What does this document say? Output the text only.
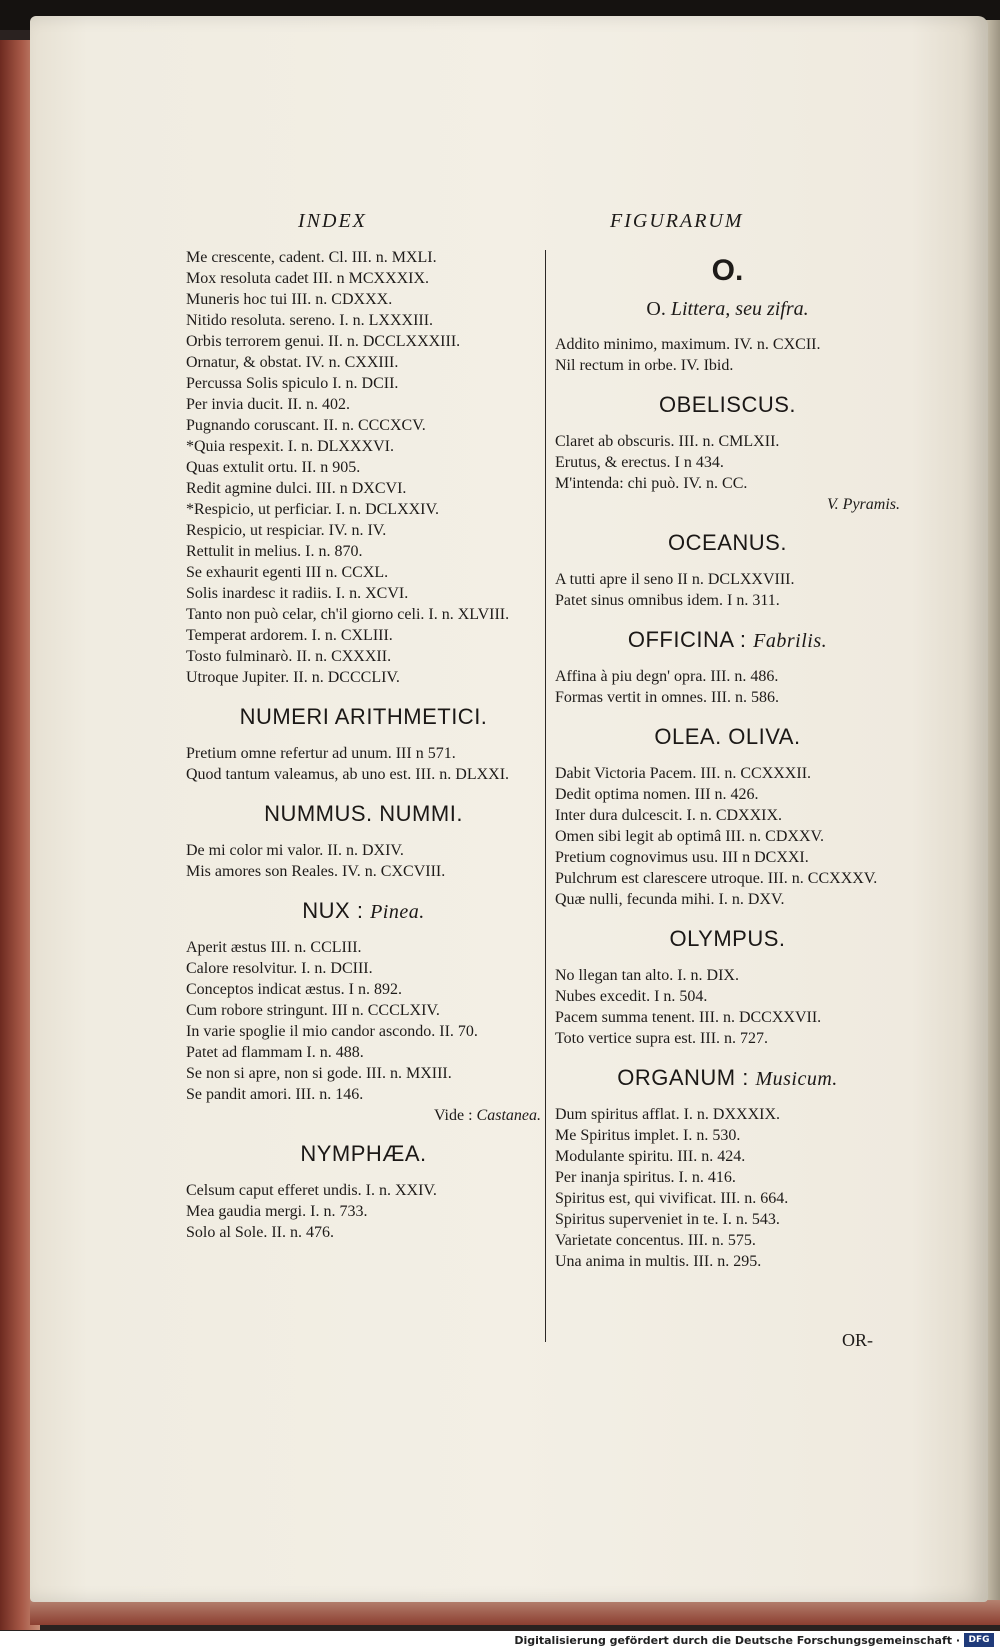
INDEX	FIGURARUM
Me crescente, cadent. Cl. III. n. MXLI.
Mox resoluta cadet III. n MCXXXIX.
Muneris hoc tui III. n. CDXXX.
Nitido resoluta. sereno. I. n. LXXXIII.
Orbis terrorem genui. II. n. DCCLXXXIII.
Ornatur, & obstat. IV. n. CXXIII.
Percussa Solis spiculo I. n. DCII.
Per invia ducit. II. n. 402.
Pugnando coruscant. II. n. CCCXCV.
*Quia respexit. I. n. DLXXXVI.
Quas extulit ortu. II. n 905.
Redit agmine dulci. III. n DXCVI.
*Respicio, ut perficiar. I. n. DCLXXIV.
Respicio, ut respiciar. IV. n. IV.
Rettulit in melius. I. n. 870.
Se exhaurit egenti III n. CCXL.
Solis inardesc it radiis. I. n. XCVI.
Tanto non può celar, ch'il giorno celi. I. n. XLVIII.
Temperat ardorem. I. n. CXLIII.
Tosto fulminarò. II. n. CXXXII.
Utroque Jupiter. II. n. DCCCLIV.
NUMERI ARITHMETICI.
Pretium omne refertur ad unum. III n 571.
Quod tantum valeamus, ab uno est. III. n. DLXXI.
NUMMUS. NUMMI.
De mi color mi valor. II. n. DXIV.
Mis amores son Reales. IV. n. CXCVIII.
NUX : Pinea.
Aperit æstus III. n. CCLIII.
Calore resolvitur. I. n. DCIII.
Conceptos indicat æstus. I n. 892.
Cum robore stringunt. III n. CCCLXIV.
In varie spoglie il mio candor ascondo. II. 70.
Patet ad flammam I. n. 488.
Se non si apre, non si gode. III. n. MXIII.
Se pandit amori. III. n. 146.
Vide : Castanea.
NYMPHÆA.
Celsum caput efferet undis. I. n. XXIV.
Mea gaudia mergi. I. n. 733.
Solo al Sole. II. n. 476.
O.
O. Littera, seu zifra.
Addito minimo, maximum. IV. n. CXCII.
Nil rectum in orbe. IV. Ibid.
OBELISCUS.
Claret ab obscuris. III. n. CMLXII.
Erutus, & erectus. I n 434.
M'intenda: chi può. IV. n. CC.
V. Pyramis.
OCEANUS.
A tutti apre il seno II n. DCLXXVIII.
Patet sinus omnibus idem. I n. 311.
OFFICINA : Fabrilis.
Affina à piu degn' opra. III. n. 486.
Formas vertit in omnes. III. n. 586.
OLEA. OLIVA.
Dabit Victoria Pacem. III. n. CCXXXII.
Dedit optima nomen. III n. 426.
Inter dura dulcescit. I. n. CDXXIX.
Omen sibi legit ab optimâ III. n. CDXXV.
Pretium cognovimus usu. III n DCXXI.
Pulchrum est clarescere utroque. III. n. CCXXXV.
Quæ nulli, fecunda mihi. I. n. DXV.
OLYMPUS.
No llegan tan alto. I. n. DIX.
Nubes excedit. I n. 504.
Pacem summa tenent. III. n. DCCXXVII.
Toto vertice supra est. III. n. 727.
ORGANUM : Musicum.
Dum spiritus afflat. I. n. DXXXIX.
Me Spiritus implet. I. n. 530.
Modulante spiritu. III. n. 424.
Per inanja spiritus. I. n. 416.
Spiritus est, qui vivificat. III. n. 664.
Spiritus superveniet in te. I. n. 543.
Varietate concentus. III. n. 575.
Una anima in multis. III. n. 295.
OR-
Digitalisierung gefördert durch die Deutsche Forschungsgemeinschaft · DFG
